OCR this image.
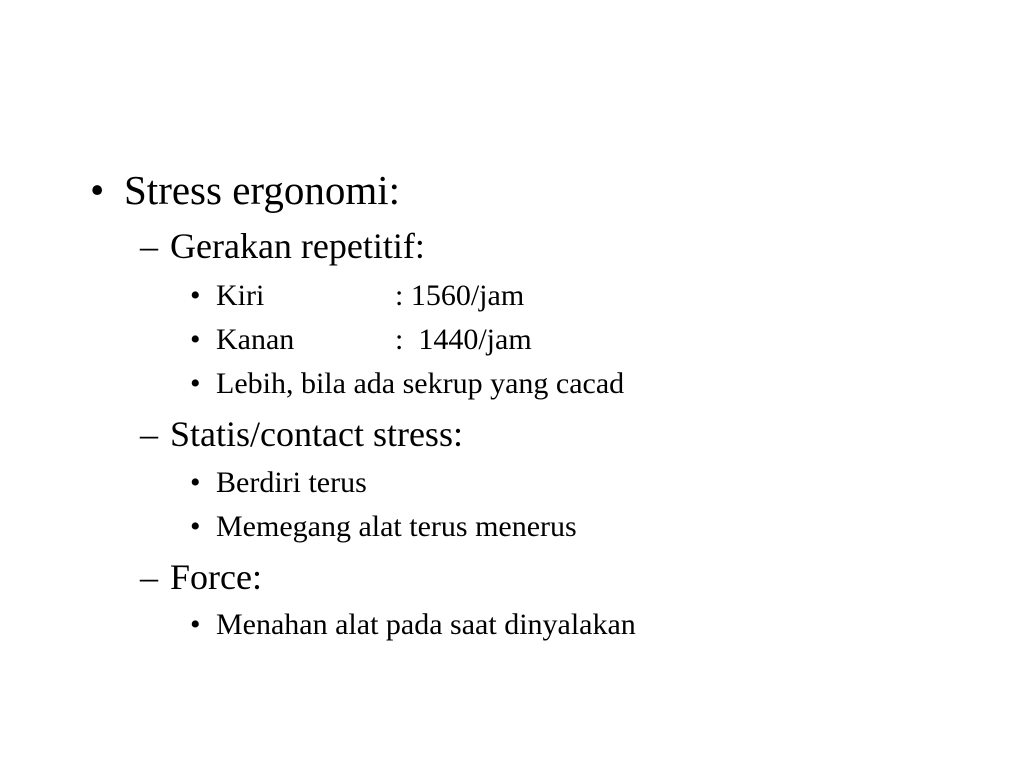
•

Stress ergonomi:

–

Gerakan repetitif:

•

Kiri

	: 1560/jam

•

Kanan

	:  1440/jam

•

Lebih, bila ada sekrup yang cacad

–

Statis/contact stress:

•

Berdiri terus

•

Memegang alat terus menerus

–

Force:

•

Menahan alat pada saat dinyalakan
